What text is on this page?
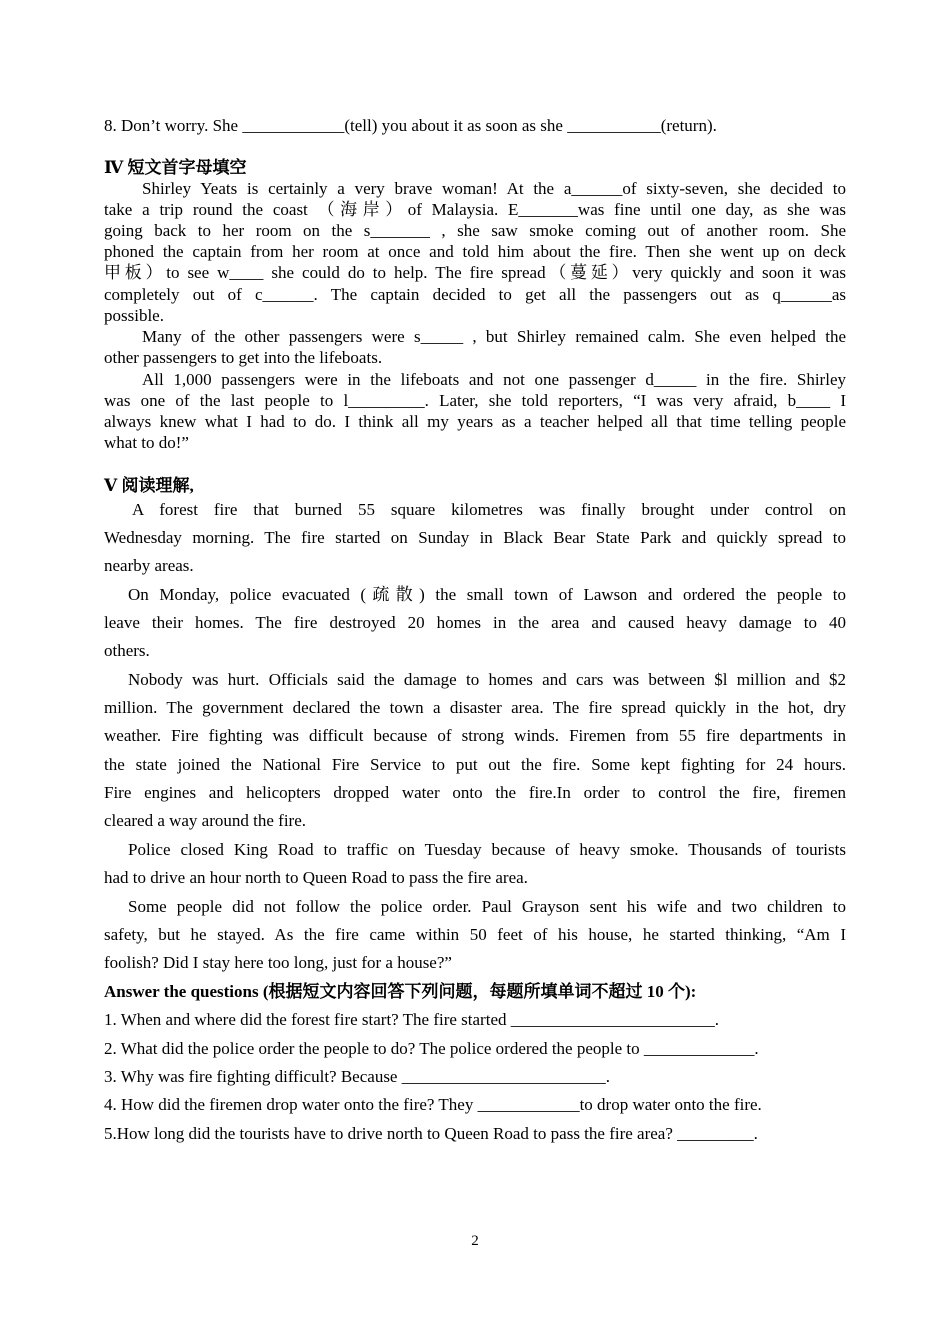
8. Don’t worry. She ____________(tell) you about it as soon as she ___________(return).
Ⅳ 短文首字母填空
Shirley Yeats is certainly a very brave woman! At the a______of sixty-seven, she decided to
take a trip round the coast （海岸）of Malaysia. E_______was fine until one day, as she was
going back to her room on the s_______ , she saw smoke coming out of another room. She
phoned the captain from her room at once and told him about the fire. Then she went up on deck
甲板）to see w____ she could do to help. The fire spread（蔓延）very quickly and soon it was
completely out of c______. The captain decided to get all the passengers out as q______as
possible.
Many of the other passengers were s_____ , but Shirley remained calm. She even helped the
other passengers to get into the lifeboats.
All 1,000 passengers were in the lifeboats and not one passenger d_____ in the fire. Shirley
was one of the last people to l_________. Later, she told reporters, “I was very afraid, b____ I
always knew what I had to do. I think all my years as a teacher helped all that time telling people
what to do!”
Ⅴ 阅读理解,
A forest fire that burned 55 square kilometres was finally brought under control on
Wednesday morning. The fire started on Sunday in Black Bear State Park and quickly spread to
nearby areas.
On Monday, police evacuated (疏散) the small town of Lawson and ordered the people to
leave their homes. The fire destroyed 20 homes in the area and caused heavy damage to 40
others.
Nobody was hurt. Officials said the damage to homes and cars was between $l million and $2
million. The government declared the town a disaster area. The fire spread quickly in the hot, dry
weather. Fire fighting was difficult because of strong winds. Firemen from 55 fire departments in
the state joined the National Fire Service to put out the fire. Some kept fighting for 24 hours.
Fire engines and helicopters dropped water onto the fire.In order to control the fire, firemen
cleared a way around the fire.
Police closed King Road to traffic on Tuesday because of heavy smoke. Thousands of tourists
had to drive an hour north to Queen Road to pass the fire area.
Some people did not follow the police order. Paul Grayson sent his wife and two children to
safety, but he stayed. As the fire came within 50 feet of his house, he started thinking, “Am I
foolish? Did I stay here too long, just for a house?”
Answer the questions (根据短文内容回答下列问题，每题所填单词不超过 10 个):
1. When and where did the forest fire start? The fire started ________________________.
2. What did the police order the people to do? The police ordered the people to _____________.
3. Why was fire fighting difficult? Because ________________________.
4. How did the firemen drop water onto the fire? They ____________to drop water onto the fire.
5.How long did the tourists have to drive north to Queen Road to pass the fire area? _________.
2
